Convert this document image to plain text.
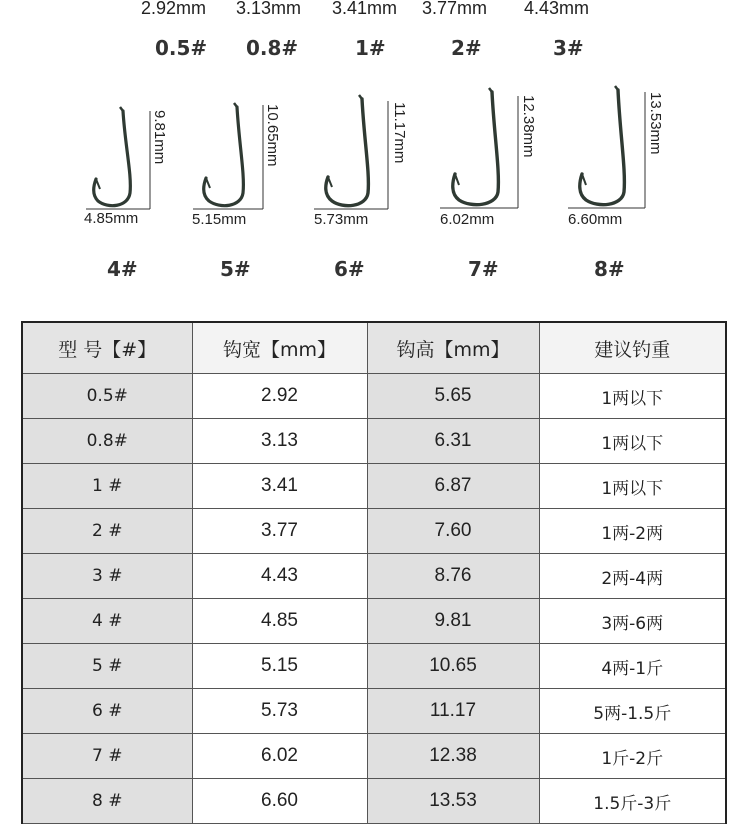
2.92mm 3.13mm 3.41mm 3.77mm 4.43mm
0.5# 0.8#	1#	2#	3#
9.81mm
4.85mm
4#
10.65mm
5.15mm
5#
11.17mm
5.73mm
6#
12.38mm
6.02mm
7#
13.53mm
6.60mm
8#
型 号【#】	钩宽【mm】	钩高【mm】	建议钓重
0.5#	2.92	5.65	1两以下
0.8#	3.13	6.31	1两以下
1 #	3.41	6.87	1两以下
2 #	3.77	7.60	1两-2两
3 #	4.43	8.76	2两-4两
4 #	4.85	9.81	3两-6两
5 #	5.15	10.65	4两-1斤
6 #	5.73	11.17	5两-1.5斤
7 #	6.02	12.38	1斤-2斤
8 #	6.60	13.53	1.5斤-3斤
